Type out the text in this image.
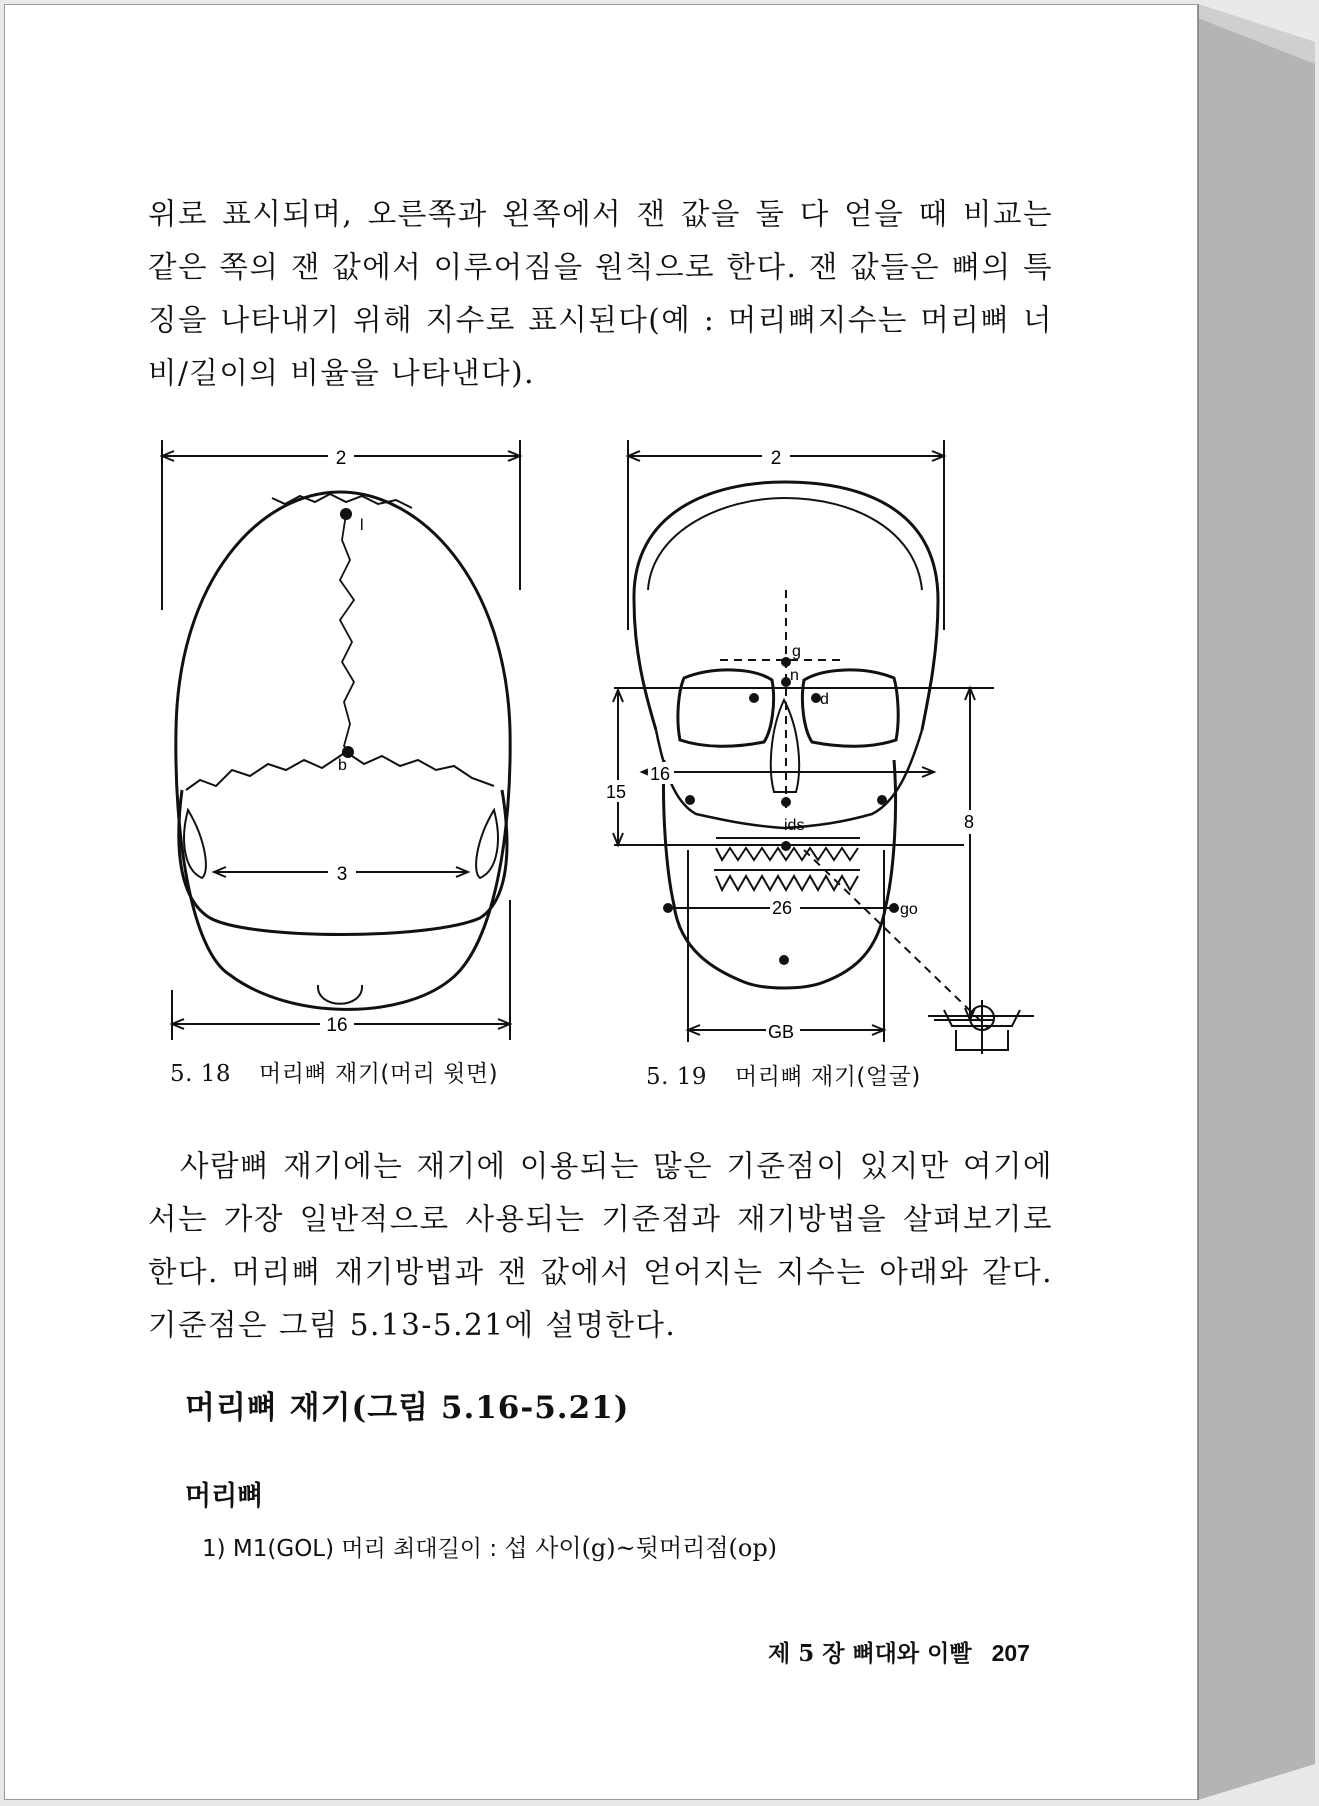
위로 표시되며, 오른쪽과 왼쪽에서 잰 값을 둘 다 얻을 때 비교는 같은 쪽의 잰 값에서 이루어짐을 원칙으로 한다. 잰 값들은 뼈의 특징을 나타내기 위해 지수로 표시된다(예 : 머리뼈지수는 머리뼈 너비/길이의 비율을 나타낸다).

2
l
b
3
16
5. 18 머리뼈 재기(머리 윗면)
2
g
n
d
16
15
8
ids
26	go
GB
5. 19 머리뼈 재기(얼굴)

사람뼈 재기에는 재기에 이용되는 많은 기준점이 있지만 여기에서는 가장 일반적으로 사용되는 기준점과 재기방법을 살펴보기로 한다. 머리뼈 재기방법과 잰 값에서 얻어지는 지수는 아래와 같다. 기준점은 그림 5.13-5.21에 설명한다.

머리뼈 재기(그림 5.16-5.21)
머리뼈
1) M1(GOL) 머리 최대길이 : 섭 사이(g)~뒷머리점(op)
제 5 장 뼈대와 이빨 207
